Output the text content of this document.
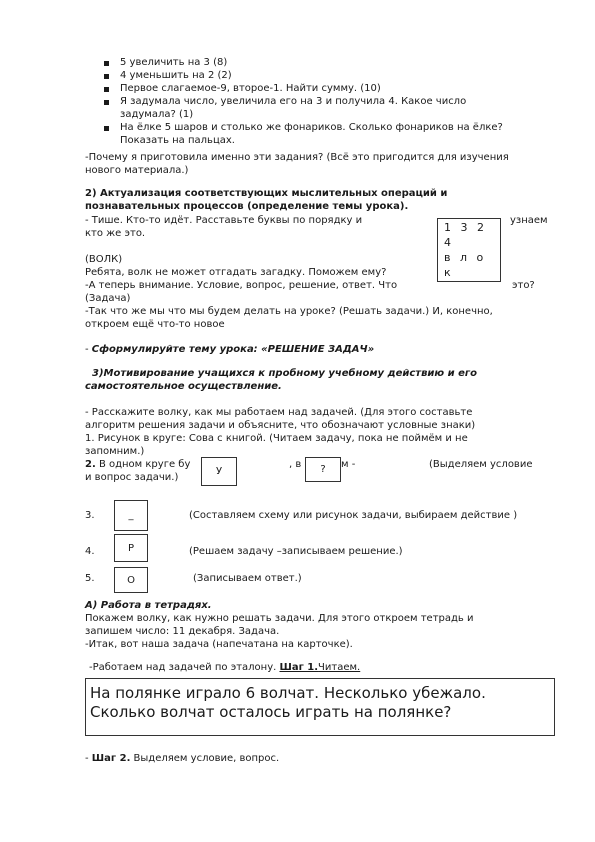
5 увеличить на 3 (8)
4 уменьшить на 2 (2)
Первое слагаемое-9, второе-1. Найти сумму. (10)
Я задумала число, увеличила его на 3 и получила 4. Какое число
задумала? (1)
На ёлке 5 шаров и столько же фонариков. Сколько фонариков на ёлке?
Показать на пальцах.
-Почему я приготовила именно эти задания? (Всё это пригодится для изучения
нового материала.)
2) Актуализация соответствующих мыслительных операций и
познавательных процессов (определение темы урока).
- Тише. Кто-то идёт. Расставьте буквы по порядку и	узнаем
кто же это.	1 3 2
4
в л о
к
(ВОЛК)
Ребята, волк не может отгадать загадку. Поможем ему?
-А теперь внимание. Условие, вопрос, решение, ответ. Что	это?
(Задача)
-Так что же мы что мы будем делать на уроке? (Решать задачи.) И, конечно,
откроем ещё что-то новое
- Сформулируйте тему урока: «РЕШЕНИЕ ЗАДАЧ»
3)Мотивирование учащихся к пробному учебному действию и его
самостоятельное осуществление.
- Расскажите волку, как мы работаем над задачей. (Для этого составьте
алгоритм решения задачи и объясните, что обозначают условные знаки)
1. Рисунок в круге: Сова с книгой. (Читаем задачу, пока не поймём и не
запомним.)
2. В одном круге бу
У
, в	?	м -	(Выделяем условие
и вопрос задачи.)
3.	_	(Составляем схему или рисунок задачи, выбираем действие )
4.	Р	(Решаем задачу –записываем решение.)
5.	О	(Записываем ответ.)
А) Работа в тетрадях.
Покажем волку, как нужно решать задачи. Для этого откроем тетрадь и
запишем число: 11 декабря. Задача.
-Итак, вот наша задача (напечатана на карточке).
-Работаем над задачей по эталону. Шаг 1.Читаем.
На полянке играло 6 волчат. Несколько убежало.
Сколько волчат осталось играть на полянке?
- Шаг 2. Выделяем условие, вопрос.
